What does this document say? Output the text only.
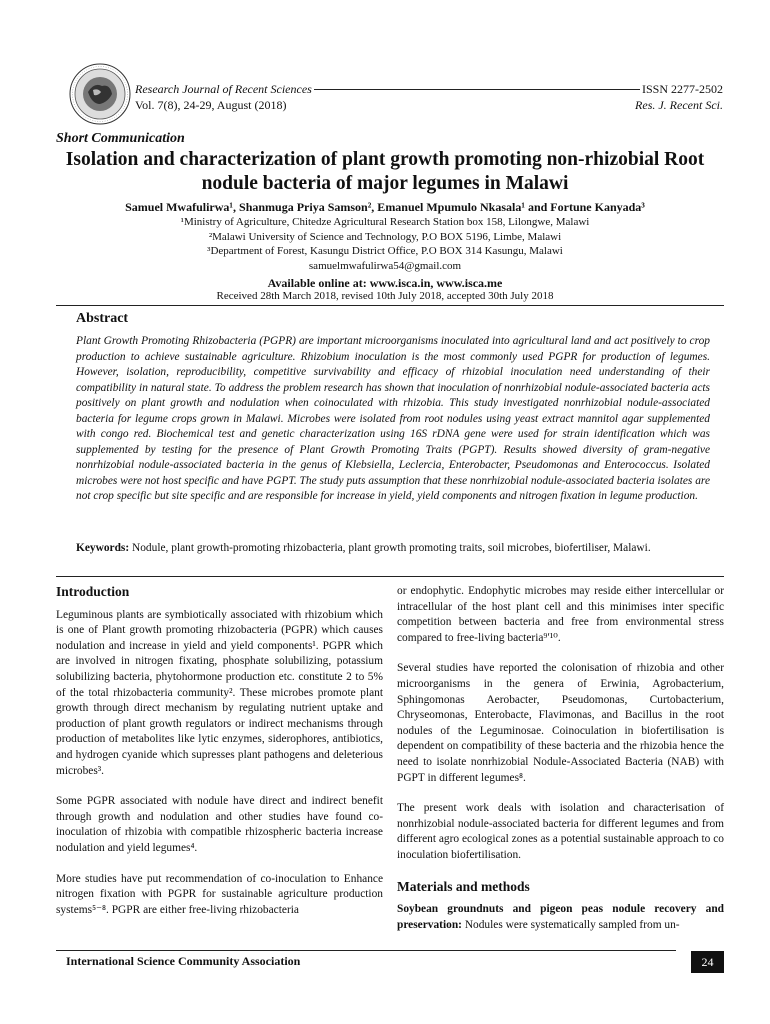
Research Journal of Recent Sciences	ISSN 2277-2502
Vol. 7(8), 24-29, August (2018)	Res. J. Recent Sci.
Short Communication
Isolation and characterization of plant growth promoting non-rhizobial Root nodule bacteria of major legumes in Malawi
Samuel Mwafulirwa¹, Shanmuga Priya Samson², Emanuel Mpumulo Nkasala¹ and Fortune Kanyada³
¹Ministry of Agriculture, Chitedze Agricultural Research Station box 158, Lilongwe, Malawi
²Malawi University of Science and Technology, P.O BOX 5196, Limbe, Malawi
³Department of Forest, Kasungu District Office, P.O BOX 314 Kasungu, Malawi
samuelmwafulirwa54@gmail.com
Available online at: www.isca.in, www.isca.me
Received 28th March 2018, revised 10th July 2018, accepted 30th July 2018
Abstract
Plant Growth Promoting Rhizobacteria (PGPR) are important microorganisms inoculated into agricultural land and act positively to crop production to achieve sustainable agriculture. Rhizobium inoculation is the most commonly used PGPR for production of legumes. However, isolation, reproducibility, competitive survivability and efficacy of rhizobial inoculation need understanding of their compatibility in natural state. To address the problem research has shown that inoculation of nonrhizobial nodule-associated bacteria acts positively on plant growth and nodulation when coinoculated with rhizobia. This study investigated nonrhizobial nodule-associated bacteria for legume crops grown in Malawi. Microbes were isolated from root nodules using yeast extract mannitol agar supplemented with congo red. Biochemical test and genetic characterization using 16S rDNA gene were used for strain identification which was supplemented by testing for the presence of Plant Growth Promoting Traits (PGPT). Results showed diversity of gram-negative nonrhizobial nodule-associated bacteria in the genus of Klebsiella, Leclercia, Enterobacter, Pseudomonas and Enterococcus. Isolated microbes were not host specific and have PGPT. The study puts assumption that these nonrhizobial nodule-associated bacteria isolates are not crop specific but site specific and are responsible for increase in yield, yield components and nitrogen fixation in legume production.
Keywords: Nodule, plant growth-promoting rhizobacteria, plant growth promoting traits, soil microbes, biofertiliser, Malawi.
Introduction

Leguminous plants are symbiotically associated with rhizobium which is one of Plant growth promoting rhizobacteria (PGPR) which causes nodulation and increase in yield and yield components¹. PGPR which are involved in nitrogen fixating, phosphate solubilizing, potassium solubilizing bacteria, phytohormone production etc. constitute 2 to 5% of the total rhizobacteria community². These microbes promote plant growth through direct mechanism by regulating nutrient uptake and production of plant growth regulators or indirect mechanisms through production of metabolites like lytic enzymes, siderophores, antibiotics, and hydrogen cyanide which supresses plant pathogens and deleterious microbes³.

Some PGPR associated with nodule have direct and indirect benefit through growth and nodulation and other studies have found co-inoculation of rhizobia with compatible rhizospheric bacteria increase nodulation and yield legumes⁴.

More studies have put recommendation of co-inoculation to Enhance nitrogen fixation with PGPR for sustainable agriculture production systems⁵⁻⁸. PGPR are either free-living rhizobacteria

or endophytic. Endophytic microbes may reside either intercellular or intracellular of the host plant cell and this minimises inter specific competition between bacteria and free from environmental stress compared to free-living bacteria⁹ʹ¹⁰.

Several studies have reported the colonisation of rhizobia and other microorganisms in the genera of Erwinia, Agrobacterium, Sphingomonas Aerobacter, Pseudomonas, Curtobacterium, Chryseomonas, Enterobacte, Flavimonas, and Bacillus in the root nodules of the Leguminosae. Coinoculation in biofertilisation is dependent on compatibility of these bacteria and the rhizobia hence the need to isolate nonrhizobial Nodule-Associated Bacteria (NAB) with PGPT in different legumes⁸.

The present work deals with isolation and characterisation of nonrhizobial nodule-associated bacteria for different legumes and from different agro ecological zones as a potential sustainable approach to co inoculation biofertilisation.

Materials and methods

Soybean groundnuts and pigeon peas nodule recovery and preservation: Nodules were systematically sampled from un-

International Science Community Association	24
